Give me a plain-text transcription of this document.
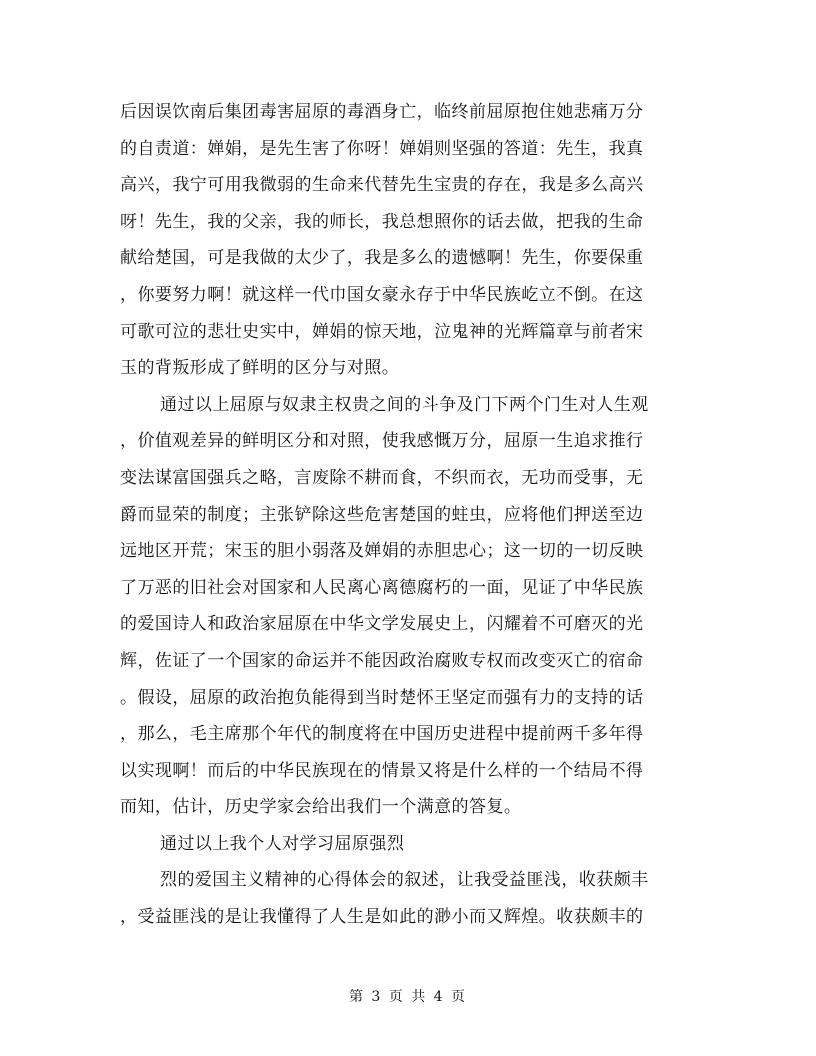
后因误饮南后集团毒害屈原的毒酒身亡，临终前屈原抱住她悲痛万分
的自责道：婵娟，是先生害了你呀！婵娟则坚强的答道：先生，我真
高兴，我宁可用我微弱的生命来代替先生宝贵的存在，我是多么高兴
呀！先生，我的父亲，我的师长，我总想照你的话去做，把我的生命
献给楚国，可是我做的太少了，我是多么的遗憾啊！先生，你要保重
，你要努力啊！就这样一代巾国女豪永存于中华民族屹立不倒。在这
可歌可泣的悲壮史实中，婵娟的惊天地，泣鬼神的光辉篇章与前者宋
玉的背叛形成了鲜明的区分与对照。
通过以上屈原与奴隶主权贵之间的斗争及门下两个门生对人生观
，价值观差异的鲜明区分和对照，使我感慨万分，屈原一生追求推行
变法谋富国强兵之略，言废除不耕而食，不织而衣，无功而受事，无
爵而显荣的制度；主张铲除这些危害楚国的蛀虫，应将他们押送至边
远地区开荒；宋玉的胆小弱落及婵娟的赤胆忠心；这一切的一切反映
了万恶的旧社会对国家和人民离心离德腐朽的一面，见证了中华民族
的爱国诗人和政治家屈原在中华文学发展史上，闪耀着不可磨灭的光
辉，佐证了一个国家的命运并不能因政治腐败专权而改变灭亡的宿命
。假设，屈原的政治抱负能得到当时楚怀王坚定而强有力的支持的话
，那么，毛主席那个年代的制度将在中国历史进程中提前两千多年得
以实现啊！而后的中华民族现在的情景又将是什么样的一个结局不得
而知，估计，历史学家会给出我们一个满意的答复。
通过以上我个人对学习屈原强烈
烈的爱国主义精神的心得体会的叙述，让我受益匪浅，收获颇丰
，受益匪浅的是让我懂得了人生是如此的渺小而又辉煌。收获颇丰的
第 3 页 共 4 页
